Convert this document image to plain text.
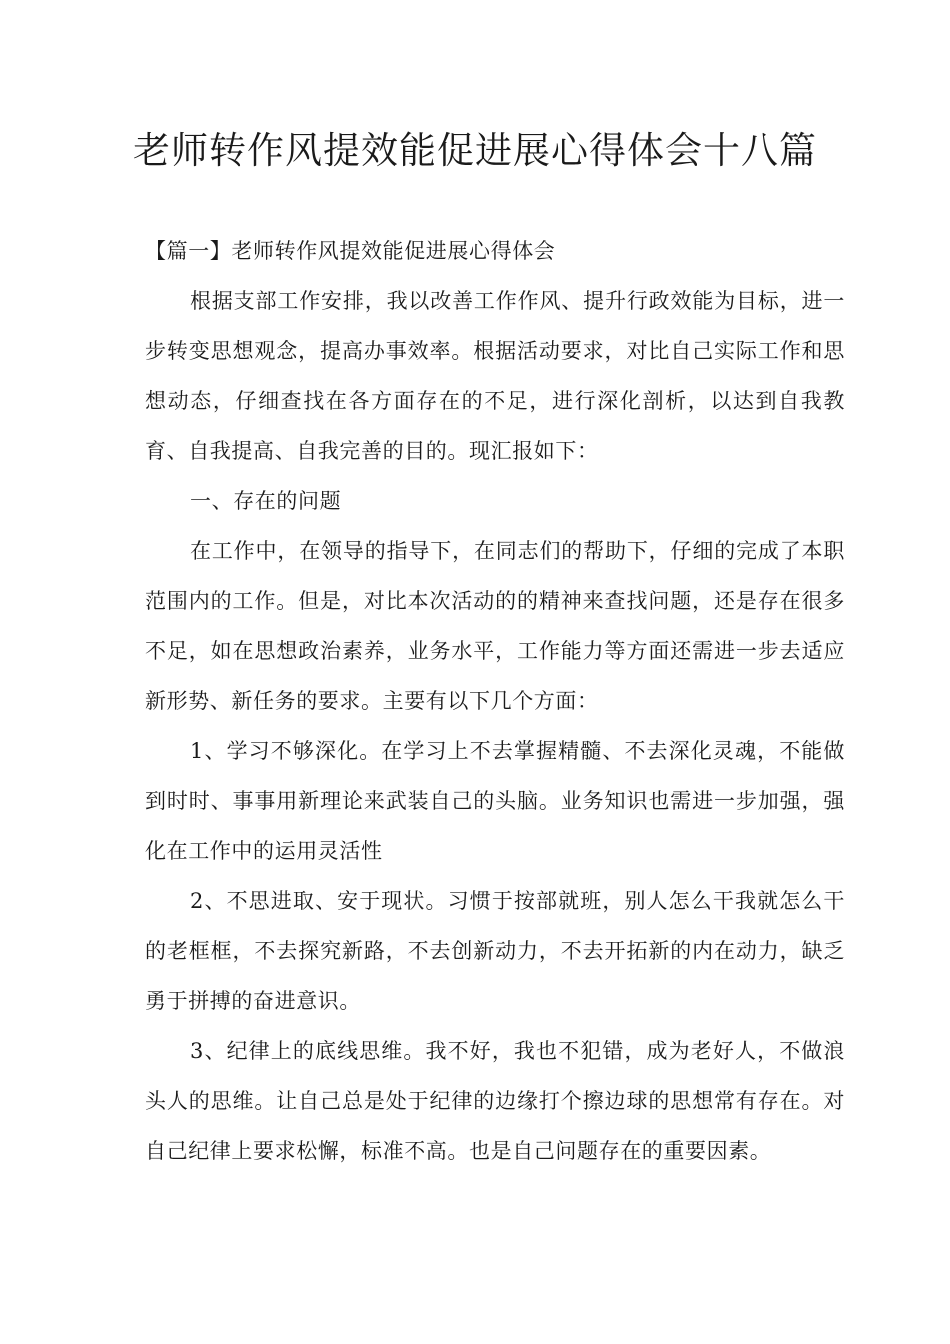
老师转作风提效能促进展心得体会十八篇

【篇一】老师转作风提效能促进展心得体会

根据支部工作安排，我以改善工作作风、提升行政效能为目标，进一步转变思想观念，提高办事效率。根据活动要求，对比自己实际工作和思想动态，仔细查找在各方面存在的不足，进行深化剖析，以达到自我教育、自我提高、自我完善的目的。现汇报如下：

一、存在的问题

在工作中，在领导的指导下，在同志们的帮助下，仔细的完成了本职范围内的工作。但是，对比本次活动的的精神来查找问题，还是存在很多不足，如在思想政治素养，业务水平，工作能力等方面还需进一步去适应新形势、新任务的要求。主要有以下几个方面：

1、学习不够深化。在学习上不去掌握精髓、不去深化灵魂，不能做到时时、事事用新理论来武装自己的头脑。业务知识也需进一步加强，强化在工作中的运用灵活性

2、不思进取、安于现状。习惯于按部就班，别人怎么干我就怎么干的老框框，不去探究新路，不去创新动力，不去开拓新的内在动力，缺乏勇于拼搏的奋进意识。

3、纪律上的底线思维。我不好，我也不犯错，成为老好人，不做浪头人的思维。让自己总是处于纪律的边缘打个擦边球的思想常有存在。对自己纪律上要求松懈，标准不高。也是自己问题存在的重要因素。
